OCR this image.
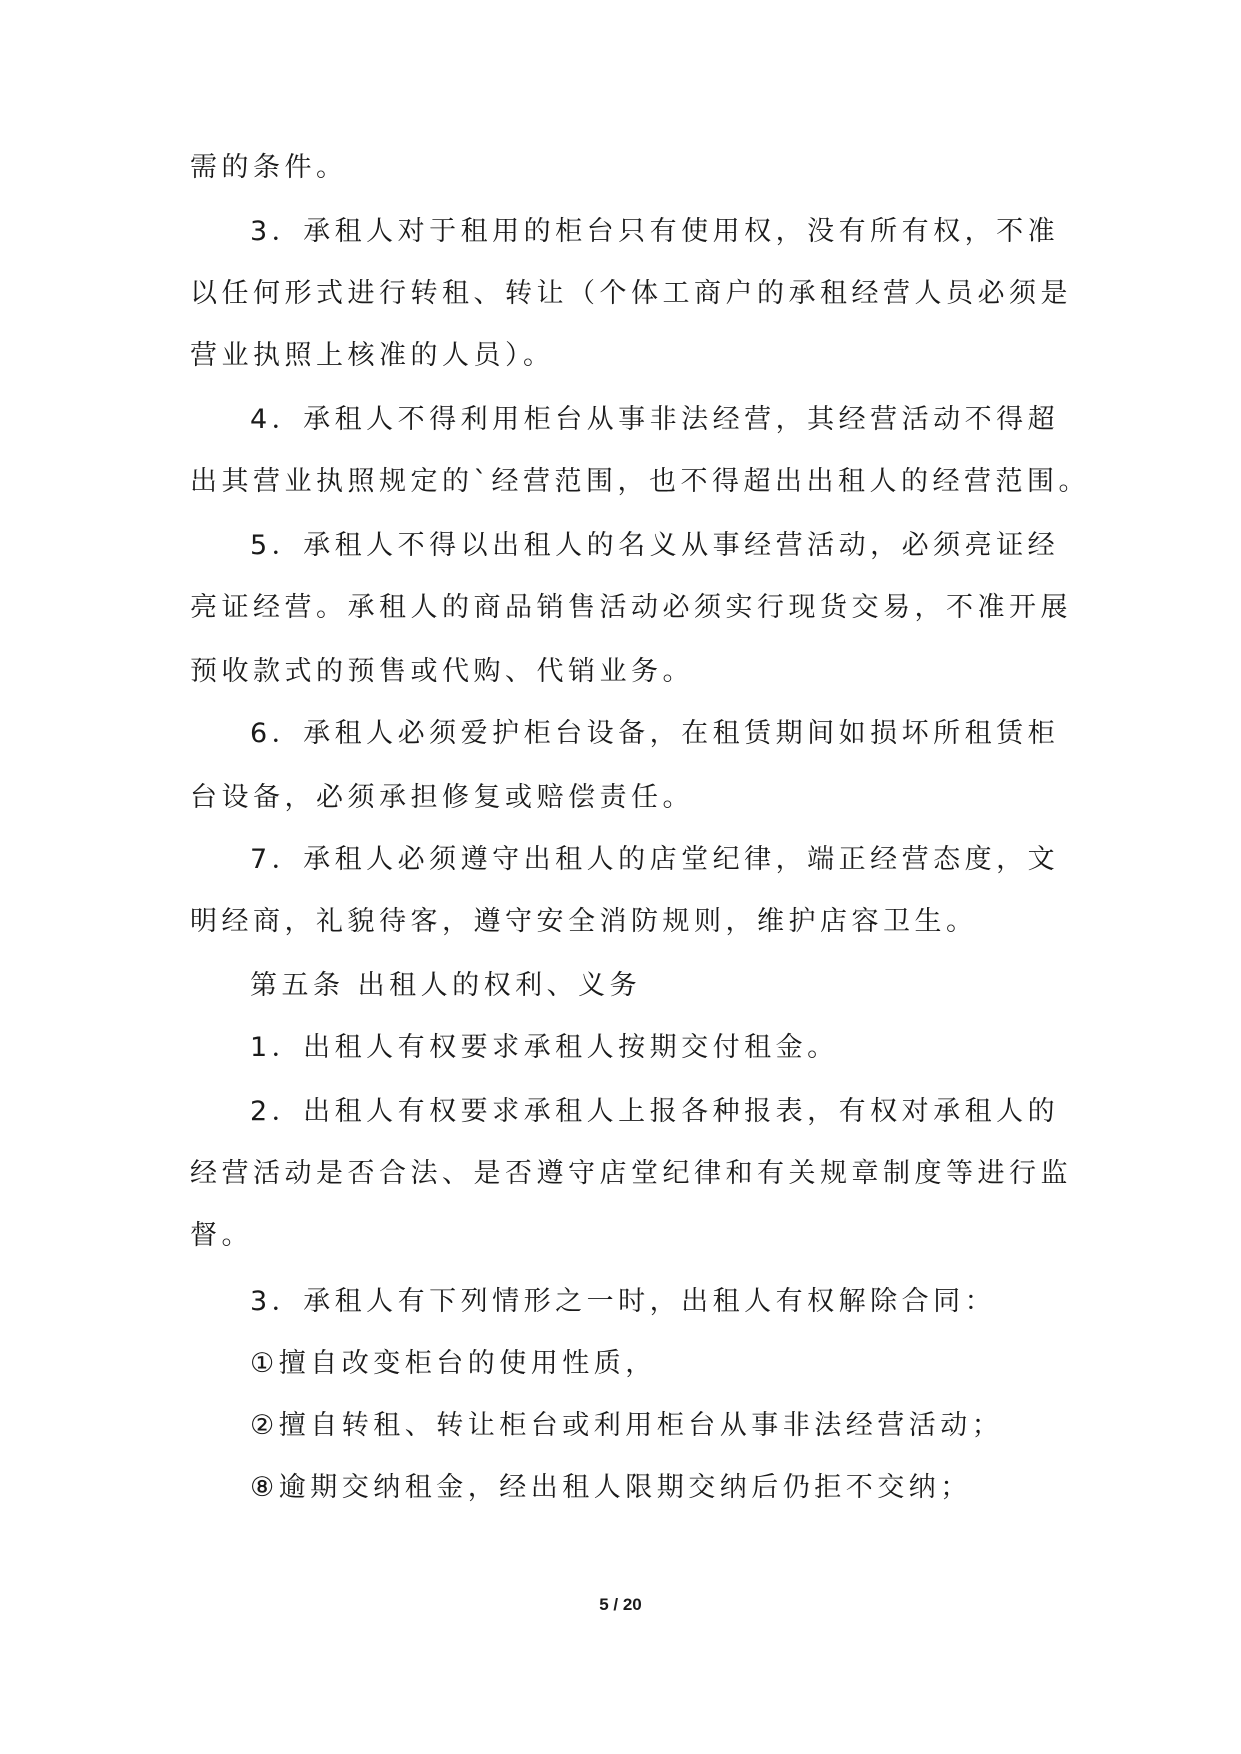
需的条件。
3．承租人对于租用的柜台只有使用权，没有所有权，不准
以任何形式进行转租、转让（个体工商户的承租经营人员必须是
营业执照上核准的人员）。
4．承租人不得利用柜台从事非法经营，其经营活动不得超
出其营业执照规定的`经营范围，也不得超出出租人的经营范围。
5．承租人不得以出租人的名义从事经营活动，必须亮证经
亮证经营。承租人的商品销售活动必须实行现货交易，不准开展
预收款式的预售或代购、代销业务。
6．承租人必须爱护柜台设备，在租赁期间如损坏所租赁柜
台设备，必须承担修复或赔偿责任。
7．承租人必须遵守出租人的店堂纪律，端正经营态度，文
明经商，礼貌待客，遵守安全消防规则，维护店容卫生。
第五条 出租人的权利、义务
1．出租人有权要求承租人按期交付租金。
2．出租人有权要求承租人上报各种报表，有权对承租人的
经营活动是否合法、是否遵守店堂纪律和有关规章制度等进行监
督。
3．承租人有下列情形之一时，出租人有权解除合同：
①擅自改变柜台的使用性质，
②擅自转租、转让柜台或利用柜台从事非法经营活动；
⑧逾期交纳租金，经出租人限期交纳后仍拒不交纳；
5 / 20
